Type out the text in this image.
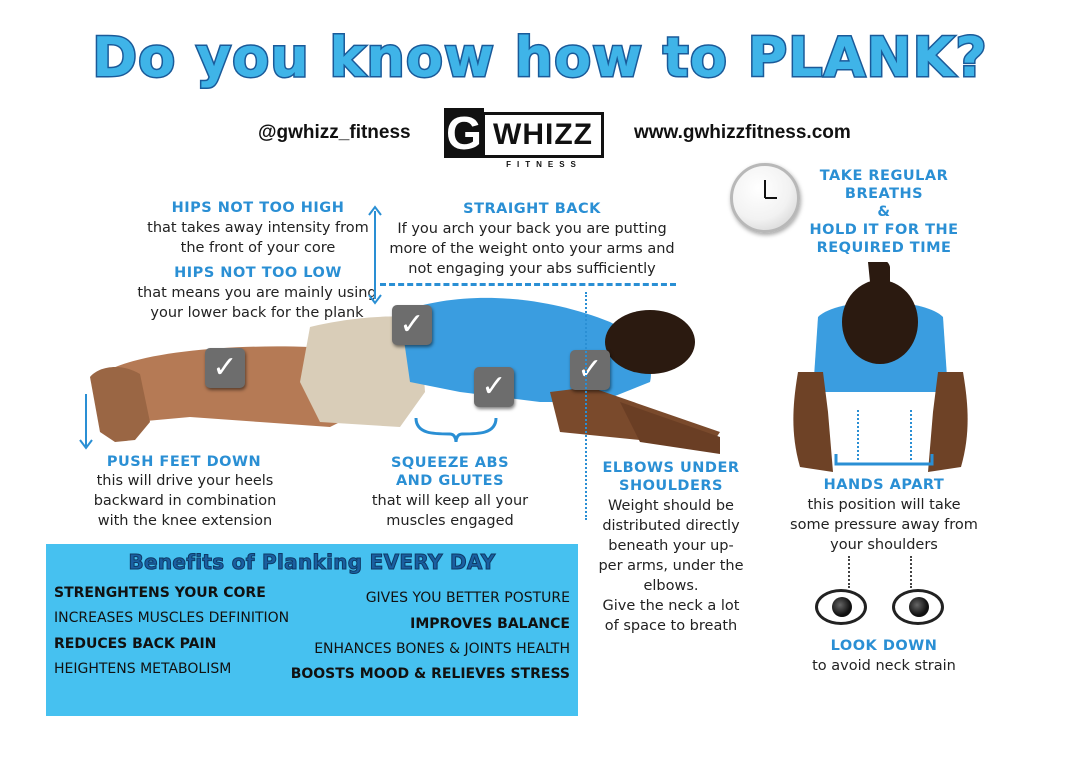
Do you know how to PLANK?
@gwhizz_fitness G WHIZZ
FITNESS
www.gwhizzfitness.com
HIPS NOT TOO HIGH
that takes away intensity from
the front of your core
HIPS NOT TOO LOW
that means you are mainly using
your lower back for the plank
STRAIGHT BACK
If you arch your back you are putting
more of the weight onto your arms and
not engaging your abs sufficiently
TAKE REGULAR
BREATHS
&
HOLD IT FOR THE
REQUIRED TIME
✓
✓
✓ ✓
PUSH FEET DOWN
this will drive your heels
backward in combination
with the knee extension
SQUEEZE ABS
AND GLUTES
that will keep all your
muscles engaged
ELBOWS UNDER
SHOULDERS
Weight should be
distributed directly
beneath your up-
per arms, under the
elbows.
Give the neck a lot
of space to breath
HANDS APART
this position will take
some pressure away from
your shoulders
LOOK DOWN
to avoid neck strain
Benefits of Planking EVERY DAY
STRENGHTENS YOUR CORE
INCREASES MUSCLES DEFINITION
REDUCES BACK PAIN
HEIGHTENS METABOLISM
GIVES YOU BETTER POSTURE
IMPROVES BALANCE
ENHANCES BONES & JOINTS HEALTH
BOOSTS MOOD & RELIEVES STRESS
